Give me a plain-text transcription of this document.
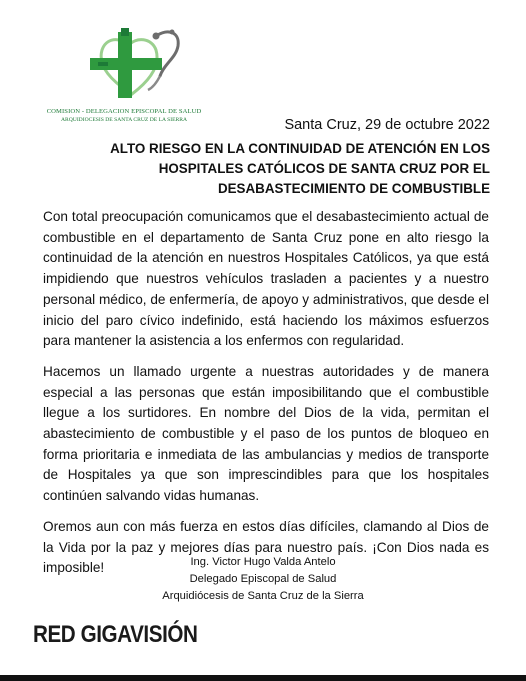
COMISION - DELEGACION EPISCOPAL DE SALUD
ARQUIDIOCESIS DE SANTA CRUZ DE LA SIERRA	Santa Cruz, 29 de octubre 2022
ALTO RIESGO EN LA CONTINUIDAD DE ATENCIÓN EN LOS
HOSPITALES CATÓLICOS DE SANTA CRUZ POR EL
DESABASTECIMIENTO DE COMBUSTIBLE

Con total preocupación comunicamos que el desabastecimiento actual de combustible en el departamento de Santa Cruz pone en alto riesgo la continuidad de la atención en nuestros Hospitales Católicos, ya que está impidiendo que nuestros vehículos trasladen a pacientes y a nuestro personal médico, de enfermería, de apoyo y administrativos, que desde el inicio del paro cívico indefinido, está haciendo los máximos esfuerzos para mantener la asistencia a los enfermos con regularidad.

Hacemos un llamado urgente a nuestras autoridades y de manera especial a las personas que están imposibilitando que el combustible llegue a los surtidores. En nombre del Dios de la vida, permitan el abastecimiento de combustible y el paso de los puntos de bloqueo en forma prioritaria e inmediata de las ambulancias y medios de transporte de Hospitales ya que son imprescindibles para que los hospitales continúen salvando vidas humanas.

Oremos aun con más fuerza en estos días difíciles, clamando al Dios de la Vida por la paz y mejores días para nuestro país. ¡Con Dios nada es imposible!	Ing. Victor Hugo Valda Antelo
Delegado Episcopal de Salud
Arquidiócesis de Santa Cruz de la Sierra
RED GIGAVISIÓN
